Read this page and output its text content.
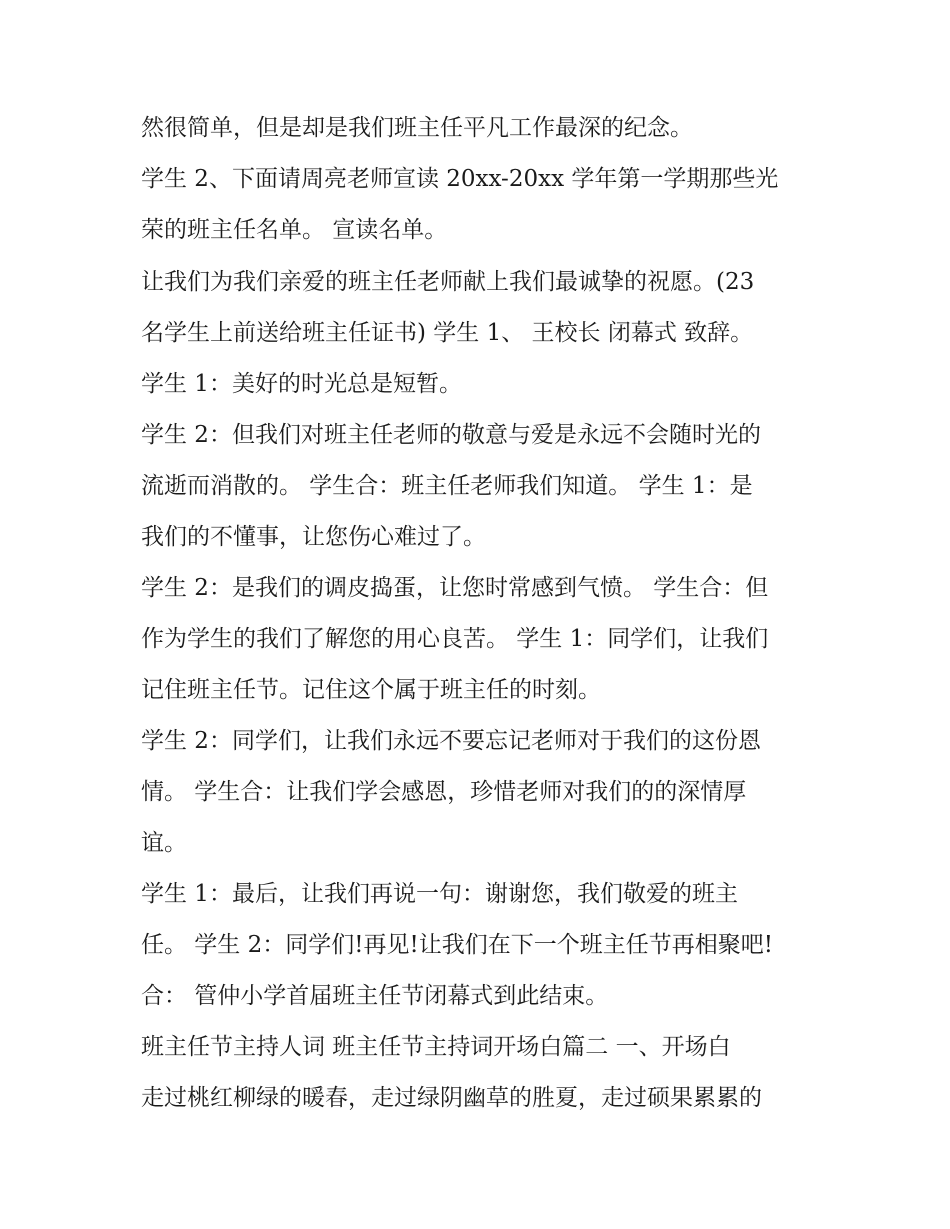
然很简单，但是却是我们班主任平凡工作最深的纪念。
学生 2、下面请周亮老师宣读 20xx-20xx 学年第一学期那些光
荣的班主任名单。 宣读名单。
让我们为我们亲爱的班主任老师献上我们最诚挚的祝愿。(23
名学生上前送给班主任证书) 学生 1、 王校长 闭幕式 致辞。
学生 1：美好的时光总是短暂。
学生 2：但我们对班主任老师的敬意与爱是永远不会随时光的
流逝而消散的。 学生合：班主任老师我们知道。 学生 1：是
我们的不懂事，让您伤心难过了。
学生 2：是我们的调皮捣蛋，让您时常感到气愤。 学生合：但
作为学生的我们了解您的用心良苦。 学生 1：同学们，让我们
记住班主任节。记住这个属于班主任的时刻。
学生 2：同学们，让我们永远不要忘记老师对于我们的这份恩
情。 学生合：让我们学会感恩，珍惜老师对我们的的深情厚
谊。
学生 1：最后，让我们再说一句：谢谢您，我们敬爱的班主
任。 学生 2：同学们!再见!让我们在下一个班主任节再相聚吧!
合： 管仲小学首届班主任节闭幕式到此结束。
班主任节主持人词 班主任节主持词开场白篇二 一、开场白
走过桃红柳绿的暖春，走过绿阴幽草的胜夏，走过硕果累累的
